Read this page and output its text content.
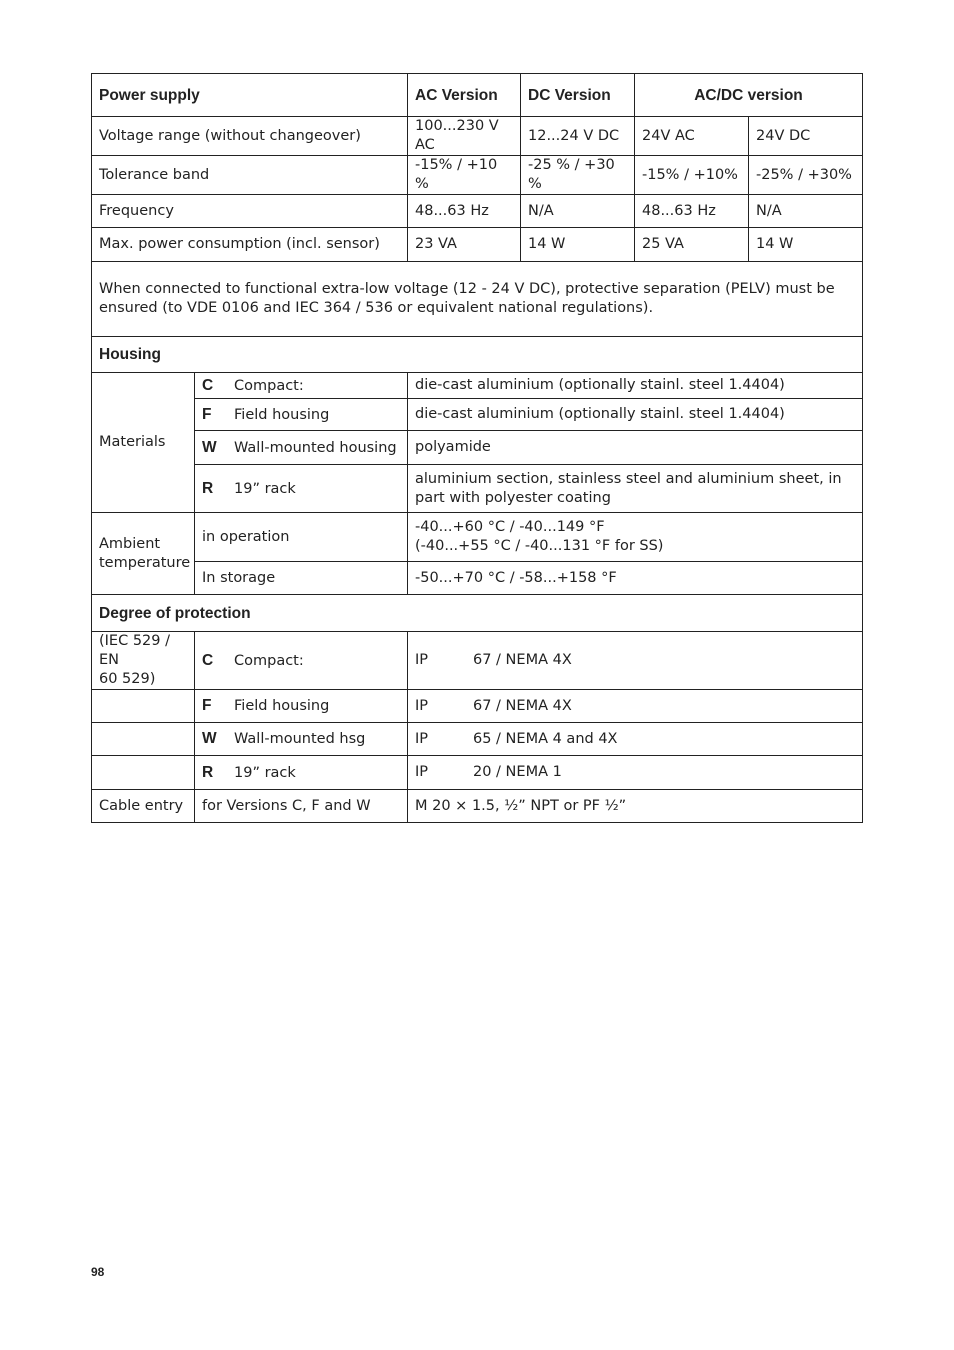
Power supply		AC Version	DC Version	AC/DC version	
Voltage range (without changeover)		100...230 V AC	12...24 V DC	24V AC	24V DC
Tolerance band		-15% / +10 %	-25 % / +30 %	-15% / +10%	-25% / +30%
Frequency		48...63 Hz	N/A	48...63 Hz	N/A
Max. power consumption (incl. sensor)		23 VA	14 W	25 VA	14 W
When connected to functional extra-low voltage (12 - 24 V DC), protective separation (PELV) must be
ensured (to VDE 0106 and IEC 364 / 536 or equivalent national regulations).					
Housing					
Materials	C Compact:	die-cast aluminium (optionally stainl. steel 1.4404)			
	F Field housing	die-cast aluminium (optionally stainl. steel 1.4404)			
	W Wall-mounted housing	polyamide			
	R 19ˮ rack	aluminium section, stainless steel and aluminium sheet, in
part with polyester coating			
Ambient
temperature	in operation	-40...+60 °C / -40...149 °F
(-40...+55 °C / -40...131 °F for SS)			
	In storage	-50...+70 °C / -58...+158 °F			
Degree of protection					
(IEC 529 / EN
60 529)	C Compact:	IP 67 / NEMA 4X			
	F Field housing	IP 67 / NEMA 4X			
	W Wall-mounted hsg	IP 65 / NEMA 4 and 4X			
	R 19ˮ rack	IP 20 / NEMA 1			
Cable entry	for Versions C, F and W	M 20 × 1.5, ½ˮ NPT or PF ½ˮ			
98
